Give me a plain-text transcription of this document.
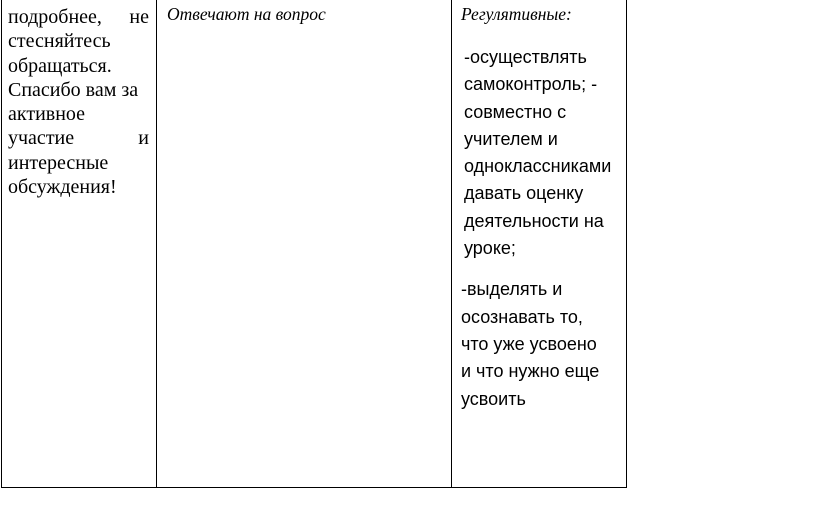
подробнее, не
стесняйтесь
обращаться.
Спасибо вам за
активное
участие	и
интересные
обсуждения!
Отвечают на вопрос	Регулятивные:
-осуществлять
самоконтроль; -
совместно с
учителем и
одноклассниками
давать оценку
деятельности на
уроке;
-выделять и
осознавать то,
что уже усвоено
и что нужно еще
усвоить
